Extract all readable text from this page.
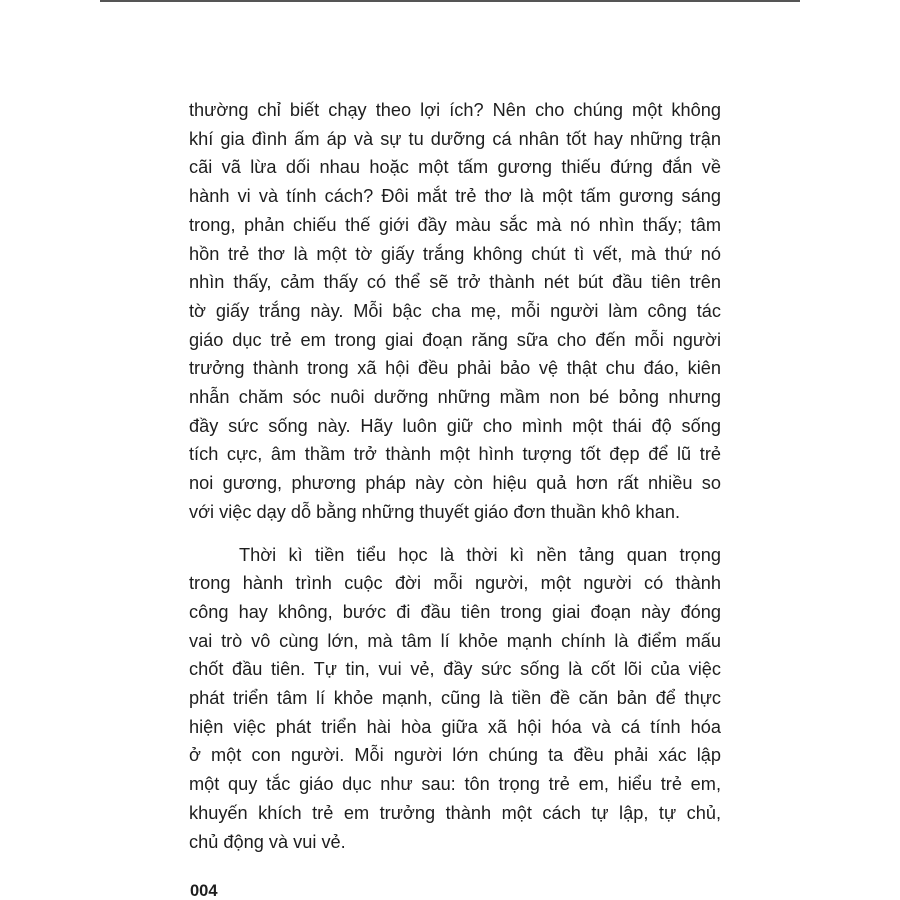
thường chỉ biết chạy theo lợi ích? Nên cho chúng một không
khí gia đình ấm áp và sự tu dưỡng cá nhân tốt hay những trận
cãi vã lừa dối nhau hoặc một tấm gương thiếu đứng đắn về
hành vi và tính cách? Đôi mắt trẻ thơ là một tấm gương sáng
trong, phản chiếu thế giới đầy màu sắc mà nó nhìn thấy; tâm
hồn trẻ thơ là một tờ giấy trắng không chút tì vết, mà thứ nó
nhìn thấy, cảm thấy có thể sẽ trở thành nét bút đầu tiên trên
tờ giấy trắng này. Mỗi bậc cha mẹ, mỗi người làm công tác
giáo dục trẻ em trong giai đoạn răng sữa cho đến mỗi người
trưởng thành trong xã hội đều phải bảo vệ thật chu đáo, kiên
nhẫn chăm sóc nuôi dưỡng những mầm non bé bỏng nhưng
đầy sức sống này. Hãy luôn giữ cho mình một thái độ sống
tích cực, âm thầm trở thành một hình tượng tốt đẹp để lũ trẻ
noi gương, phương pháp này còn hiệu quả hơn rất nhiều so
với việc dạy dỗ bằng những thuyết giáo đơn thuần khô khan.

Thời kì tiền tiểu học là thời kì nền tảng quan trọng
trong hành trình cuộc đời mỗi người, một người có thành
công hay không, bước đi đầu tiên trong giai đoạn này đóng
vai trò vô cùng lớn, mà tâm lí khỏe mạnh chính là điểm mấu
chốt đầu tiên. Tự tin, vui vẻ, đầy sức sống là cốt lõi của việc
phát triển tâm lí khỏe mạnh, cũng là tiền đề căn bản để thực
hiện việc phát triển hài hòa giữa xã hội hóa và cá tính hóa
ở một con người. Mỗi người lớn chúng ta đều phải xác lập
một quy tắc giáo dục như sau: tôn trọng trẻ em, hiểu trẻ em,
khuyến khích trẻ em trưởng thành một cách tự lập, tự chủ,
chủ động và vui vẻ.

004
